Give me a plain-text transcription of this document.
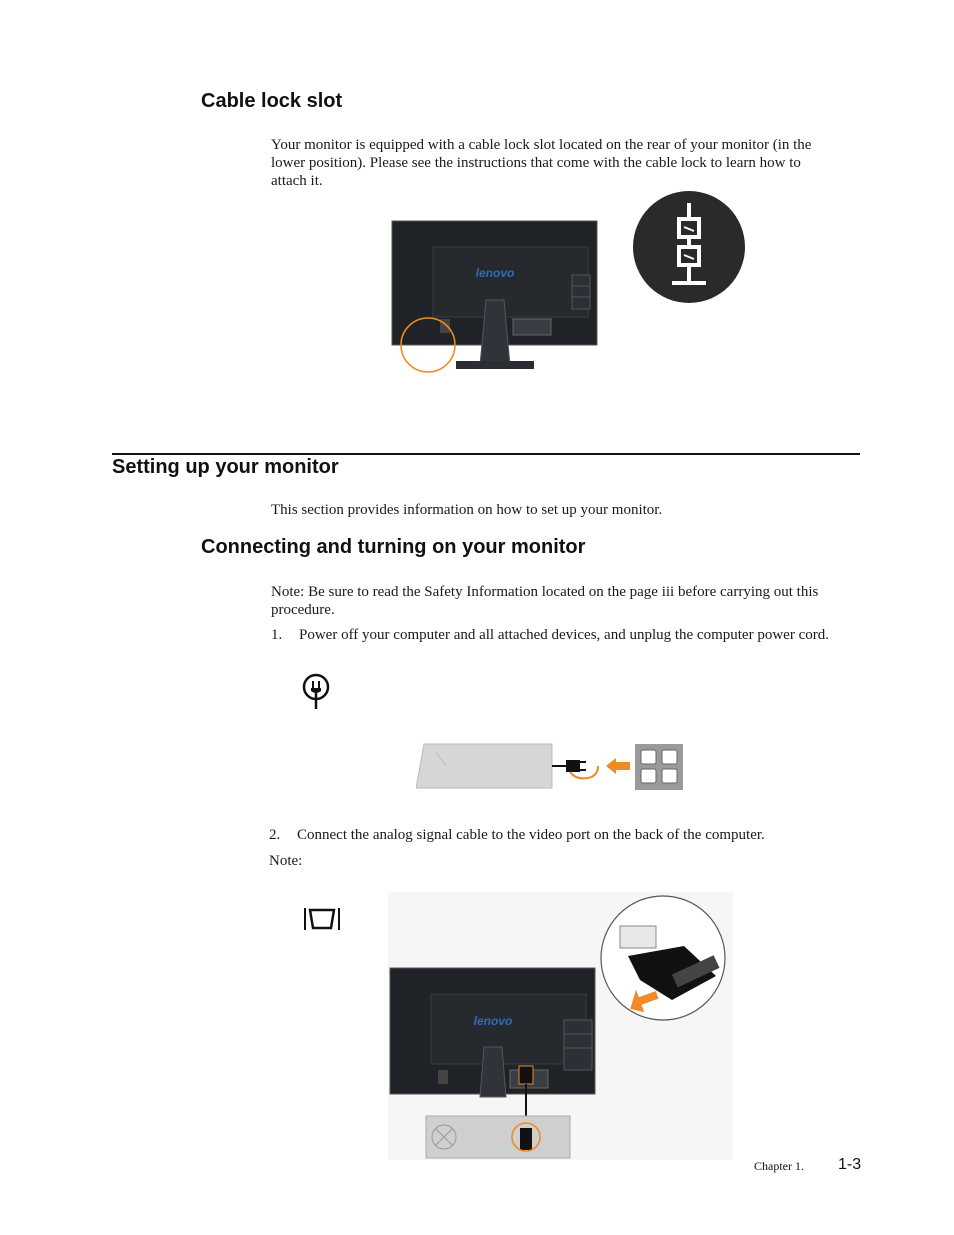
Cable lock slot

Your monitor is equipped with a cable lock slot located on the rear of your monitor (in the lower position). Please see the instructions that come with the cable lock to learn how to attach it.

lenovo
Setting up your monitor

This section provides information on how to set up your monitor.

Connecting and turning on your monitor

Note: Be sure to read the Safety Information located on the page iii before carrying out this procedure.

1. Power off your computer and all attached devices, and unplug the computer power cord.
2. Connect the analog signal cable to the video port on the back of the computer.
Note:
lenovo
Chapter 1. 1-3
